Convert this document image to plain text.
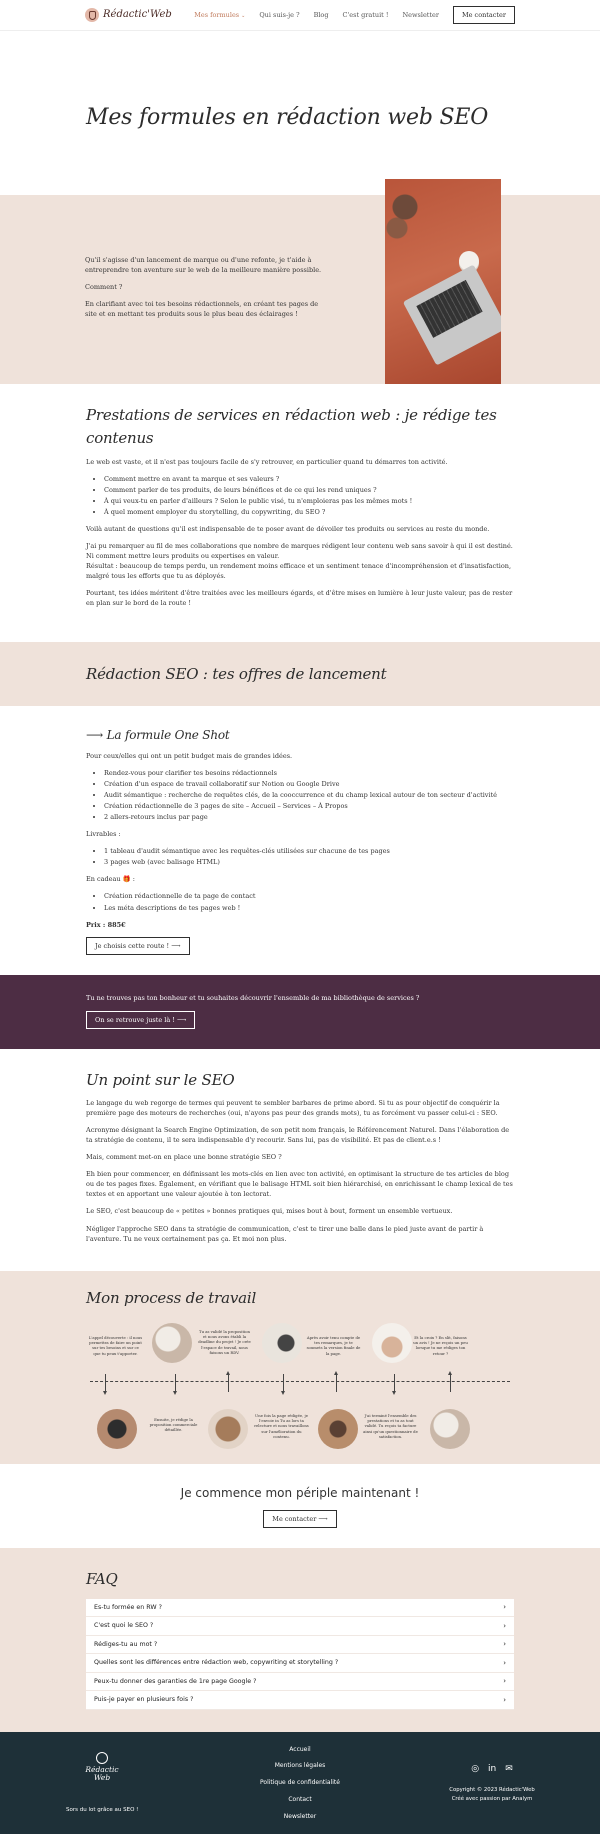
Rédactic'Web	Mes formules ⌄ Qui suis-je ? Blog C'est gratuit ! Newsletter	Me contacter
Mes formules en rédaction web SEO

Qu'il s'agisse d'un lancement de marque ou d'une refonte, je t'aide à entreprendre ton aventure sur le web de la meilleure manière possible.

Comment ?

En clarifiant avec toi tes besoins rédactionnels, en créant tes pages de site et en mettant tes produits sous le plus beau des éclairages !

Prestations de services en rédaction web : je rédige tes contenus

Le web est vaste, et il n'est pas toujours facile de s'y retrouver, en particulier quand tu démarres ton activité.

• Comment mettre en avant ta marque et ses valeurs ?
• Comment parler de tes produits, de leurs bénéfices et de ce qui les rend uniques ?
• À qui veux-tu en parler d'ailleurs ? Selon le public visé, tu n'emploieras pas les mêmes mots !
• À quel moment employer du storytelling, du copywriting, du SEO ?

Voilà autant de questions qu'il est indispensable de te poser avant de dévoiler tes produits ou services au reste du monde.

J'ai pu remarquer au fil de mes collaborations que nombre de marques rédigent leur contenu web sans savoir à qui il est destiné. Ni comment mettre leurs produits ou expertises en valeur.

Résultat : beaucoup de temps perdu, un rendement moins efficace et un sentiment tenace d'incompréhension et d'insatisfaction, malgré tous les efforts que tu as déployés.

Pourtant, tes idées méritent d'être traitées avec les meilleurs égards, et d'être mises en lumière à leur juste valeur, pas de rester en plan sur le bord de la route !

Rédaction SEO : tes offres de lancement
⟶ La formule One Shot

Pour ceux/elles qui ont un petit budget mais de grandes idées.

• Rendez-vous pour clarifier tes besoins rédactionnels
• Création d'un espace de travail collaboratif sur Notion ou Google Drive
• Audit sémantique : recherche de requêtes clés, de la cooccurrence et du champ lexical autour de ton secteur d'activité
• Création rédactionnelle de 3 pages de site – Accueil – Services – À Propos
• 2 allers-retours inclus par page

Livrables :

• 1 tableau d'audit sémantique avec les requêtes-clés utilisées sur chacune de tes pages
• 3 pages web (avec balisage HTML)

En cadeau 🎁 :

• Création rédactionnelle de ta page de contact
• Les méta descriptions de tes pages web !

Prix : 885€

Je choisis cette route ! ⟶

Tu ne trouves pas ton bonheur et tu souhaites découvrir l'ensemble de ma bibliothèque de services ?

On se retrouve juste là ! ⟶
Un point sur le SEO

Le langage du web regorge de termes qui peuvent te sembler barbares de prime abord. Si tu as pour objectif de conquérir la première page des moteurs de recherches (oui, n'ayons pas peur des grands mots), tu as forcément vu passer celui-ci : SEO.

Acronyme désignant la Search Engine Optimization, de son petit nom français, le Référencement Naturel. Dans l'élaboration de ta stratégie de contenu, il te sera indispensable d'y recourir. Sans lui, pas de visibilité. Et pas de client.e.s !

Mais, comment met-on en place une bonne stratégie SEO ?

Eh bien pour commencer, en définissant les mots-clés en lien avec ton activité, en optimisant la structure de tes articles de blog ou de tes pages fixes. Également, en vérifiant que le balisage HTML soit bien hiérarchisé, en enrichissant le champ lexical de tes textes et en apportant une valeur ajoutée à ton lectorat.

Le SEO, c'est beaucoup de « petites » bonnes pratiques qui, mises bout à bout, forment un ensemble vertueux.

Négliger l'approche SEO dans ta stratégie de communication, c'est te tirer une balle dans le pied juste avant de partir à l'aventure. Tu ne veux certainement pas ça. Et moi non plus.

Mon process de travail
L'appel découverte : il nous permettra de faire un point sur tes besoins et sur ce que tu peux t'apporter.
Tu as validé la proposition et nous avons établi la deadline du projet ! Je crée l'espace de travail, nous faisons un RDV.
Après avoir tenu compte de tes remarques, je te soumets la version finale de la page.
Et la croix ? En slit, faisons un avis ! Je ne reçois un peu lorsque tu me rédiges ton retour ?
Ensuite, je rédige la proposition commerciale détaillée.
Une fois la page rédigée, je l'envoie in Tu as lors ta relecture et nous travaillons sur l'amélioration du contenu.
J'ai terminé l'ensemble des prestations et tu as tout validé. Tu reçois ta facture ainsi qu'un questionnaire de satisfaction.
Je commence mon périple maintenant !
Me contacter ⟶
FAQ
Es-tu formée en RW ?	›
C'est quoi le SEO ?	›
Rédiges-tu au mot ?	›
Quelles sont les différences entre rédaction web, copywriting et storytelling ?	›
Peux-tu donner des garanties de 1re page Google ?	›
Puis-je payer en plusieurs fois ?	›
Rédactic
Web
Sors du lot grâce au SEO !
Accueil
Mentions légales
Politique de confidentialité
Contact
Newsletter
◎ in ✉
Copyright © 2023 Rédactic'Web
Créé avec passion par Analym
